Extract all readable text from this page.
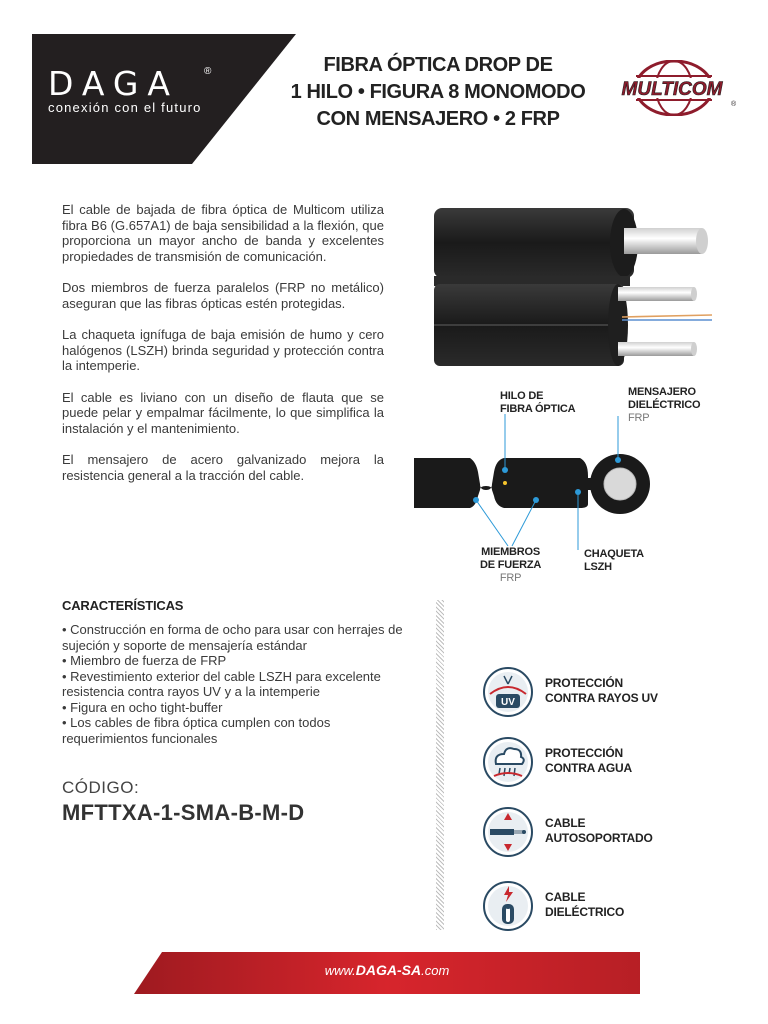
DAGA	®
conexión con el futuro
FIBRA ÓPTICA DROP DE
1 HILO • FIGURA 8 MONOMODO
CON MENSAJERO • 2 FRP
MULTICOM
®

El cable de bajada de fibra óptica de Multicom utiliza fibra B6 (G.657A1) de baja sensibilidad a la flexión, que proporciona un mayor ancho de banda y excelentes propiedades de transmisión de comunicación.

Dos miembros de fuerza paralelos (FRP no metálico) aseguran que las fibras ópticas estén protegidas.

La chaqueta ignífuga de baja emisión de humo y cero halógenos (LSZH) brinda seguridad y protección contra la intemperie.

El cable es liviano con un diseño de flauta que se puede pelar y empalmar fácilmente, lo que simplifica la instalación y el mantenimiento.

El mensajero de acero galvanizado mejora la resistencia general a la tracción del cable.

HILO DE
FIBRA ÓPTICA
MENSAJERO
DIELÉCTRICO
FRP
MIEMBROS
DE FUERZA
FRP
CHAQUETA
LSZH
CARACTERÍSTICAS
• Construcción en forma de ocho para usar con herrajes de sujeción y soporte de mensajería estándar
• Miembro de fuerza de FRP
• Revestimiento exterior del cable LSZH para excelente resistencia contra rayos UV y a la intemperie
• Figura en ocho tight-buffer
• Los cables de fibra óptica cumplen con todos requerimientos funcionales
CÓDIGO:
MFTTXA-1-SMA-B-M-D
UV
PROTECCIÓN
CONTRA RAYOS UV
PROTECCIÓN
CONTRA AGUA
CABLE
AUTOSOPORTADO
CABLE
DIELÉCTRICO
www.DAGA-SA.com
